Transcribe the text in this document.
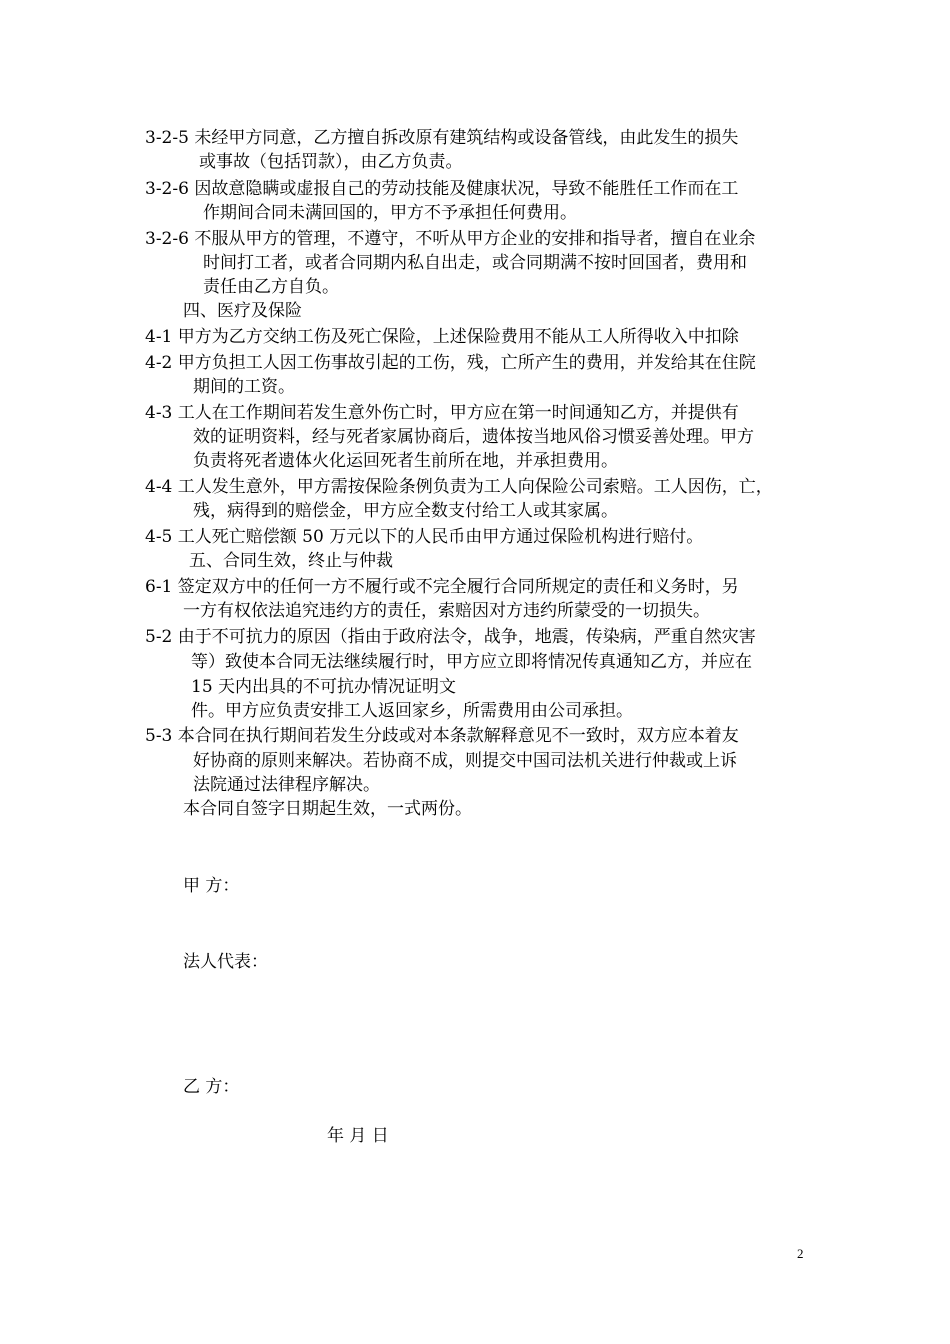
3-2-5 未经甲方同意，乙方擅自拆改原有建筑结构或设备管线，由此发生的损失
或事故（包括罚款），由乙方负责。
3-2-6 因故意隐瞒或虚报自己的劳动技能及健康状况，导致不能胜任工作而在工
作期间合同未满回国的，甲方不予承担任何费用。
3-2-6 不服从甲方的管理，不遵守，不听从甲方企业的安排和指导者，擅自在业余
时间打工者，或者合同期内私自出走，或合同期满不按时回国者，费用和
责任由乙方自负。
四、医疗及保险
4-1 甲方为乙方交纳工伤及死亡保险，上述保险费用不能从工人所得收入中扣除
4-2 甲方负担工人因工伤事故引起的工伤，残，亡所产生的费用，并发给其在住院
期间的工资。
4-3 工人在工作期间若发生意外伤亡时，甲方应在第一时间通知乙方，并提供有
效的证明资料，经与死者家属协商后，遗体按当地风俗习惯妥善处理。甲方
负责将死者遗体火化运回死者生前所在地，并承担费用。
4-4 工人发生意外，甲方需按保险条例负责为工人向保险公司索赔。工人因伤，亡，
残，病得到的赔偿金，甲方应全数支付给工人或其家属。
4-5 工人死亡赔偿额 50 万元以下的人民币由甲方通过保险机构进行赔付。
五、合同生效，终止与仲裁
6-1 签定双方中的任何一方不履行或不完全履行合同所规定的责任和义务时，另
一方有权依法追究违约方的责任，索赔因对方违约所蒙受的一切损失。
5-2 由于不可抗力的原因（指由于政府法令，战争，地震，传染病，严重自然灾害
等）致使本合同无法继续履行时，甲方应立即将情况传真通知乙方，并应在
15 天内出具的不可抗办情况证明文
件。甲方应负责安排工人返回家乡，所需费用由公司承担。
5-3 本合同在执行期间若发生分歧或对本条款解释意见不一致时，双方应本着友
好协商的原则来解决。若协商不成，则提交中国司法机关进行仲裁或上诉
法院通过法律程序解决。
本合同自签字日期起生效，一式两份。
甲 方：
法人代表：
乙 方：
年 月 日
2
